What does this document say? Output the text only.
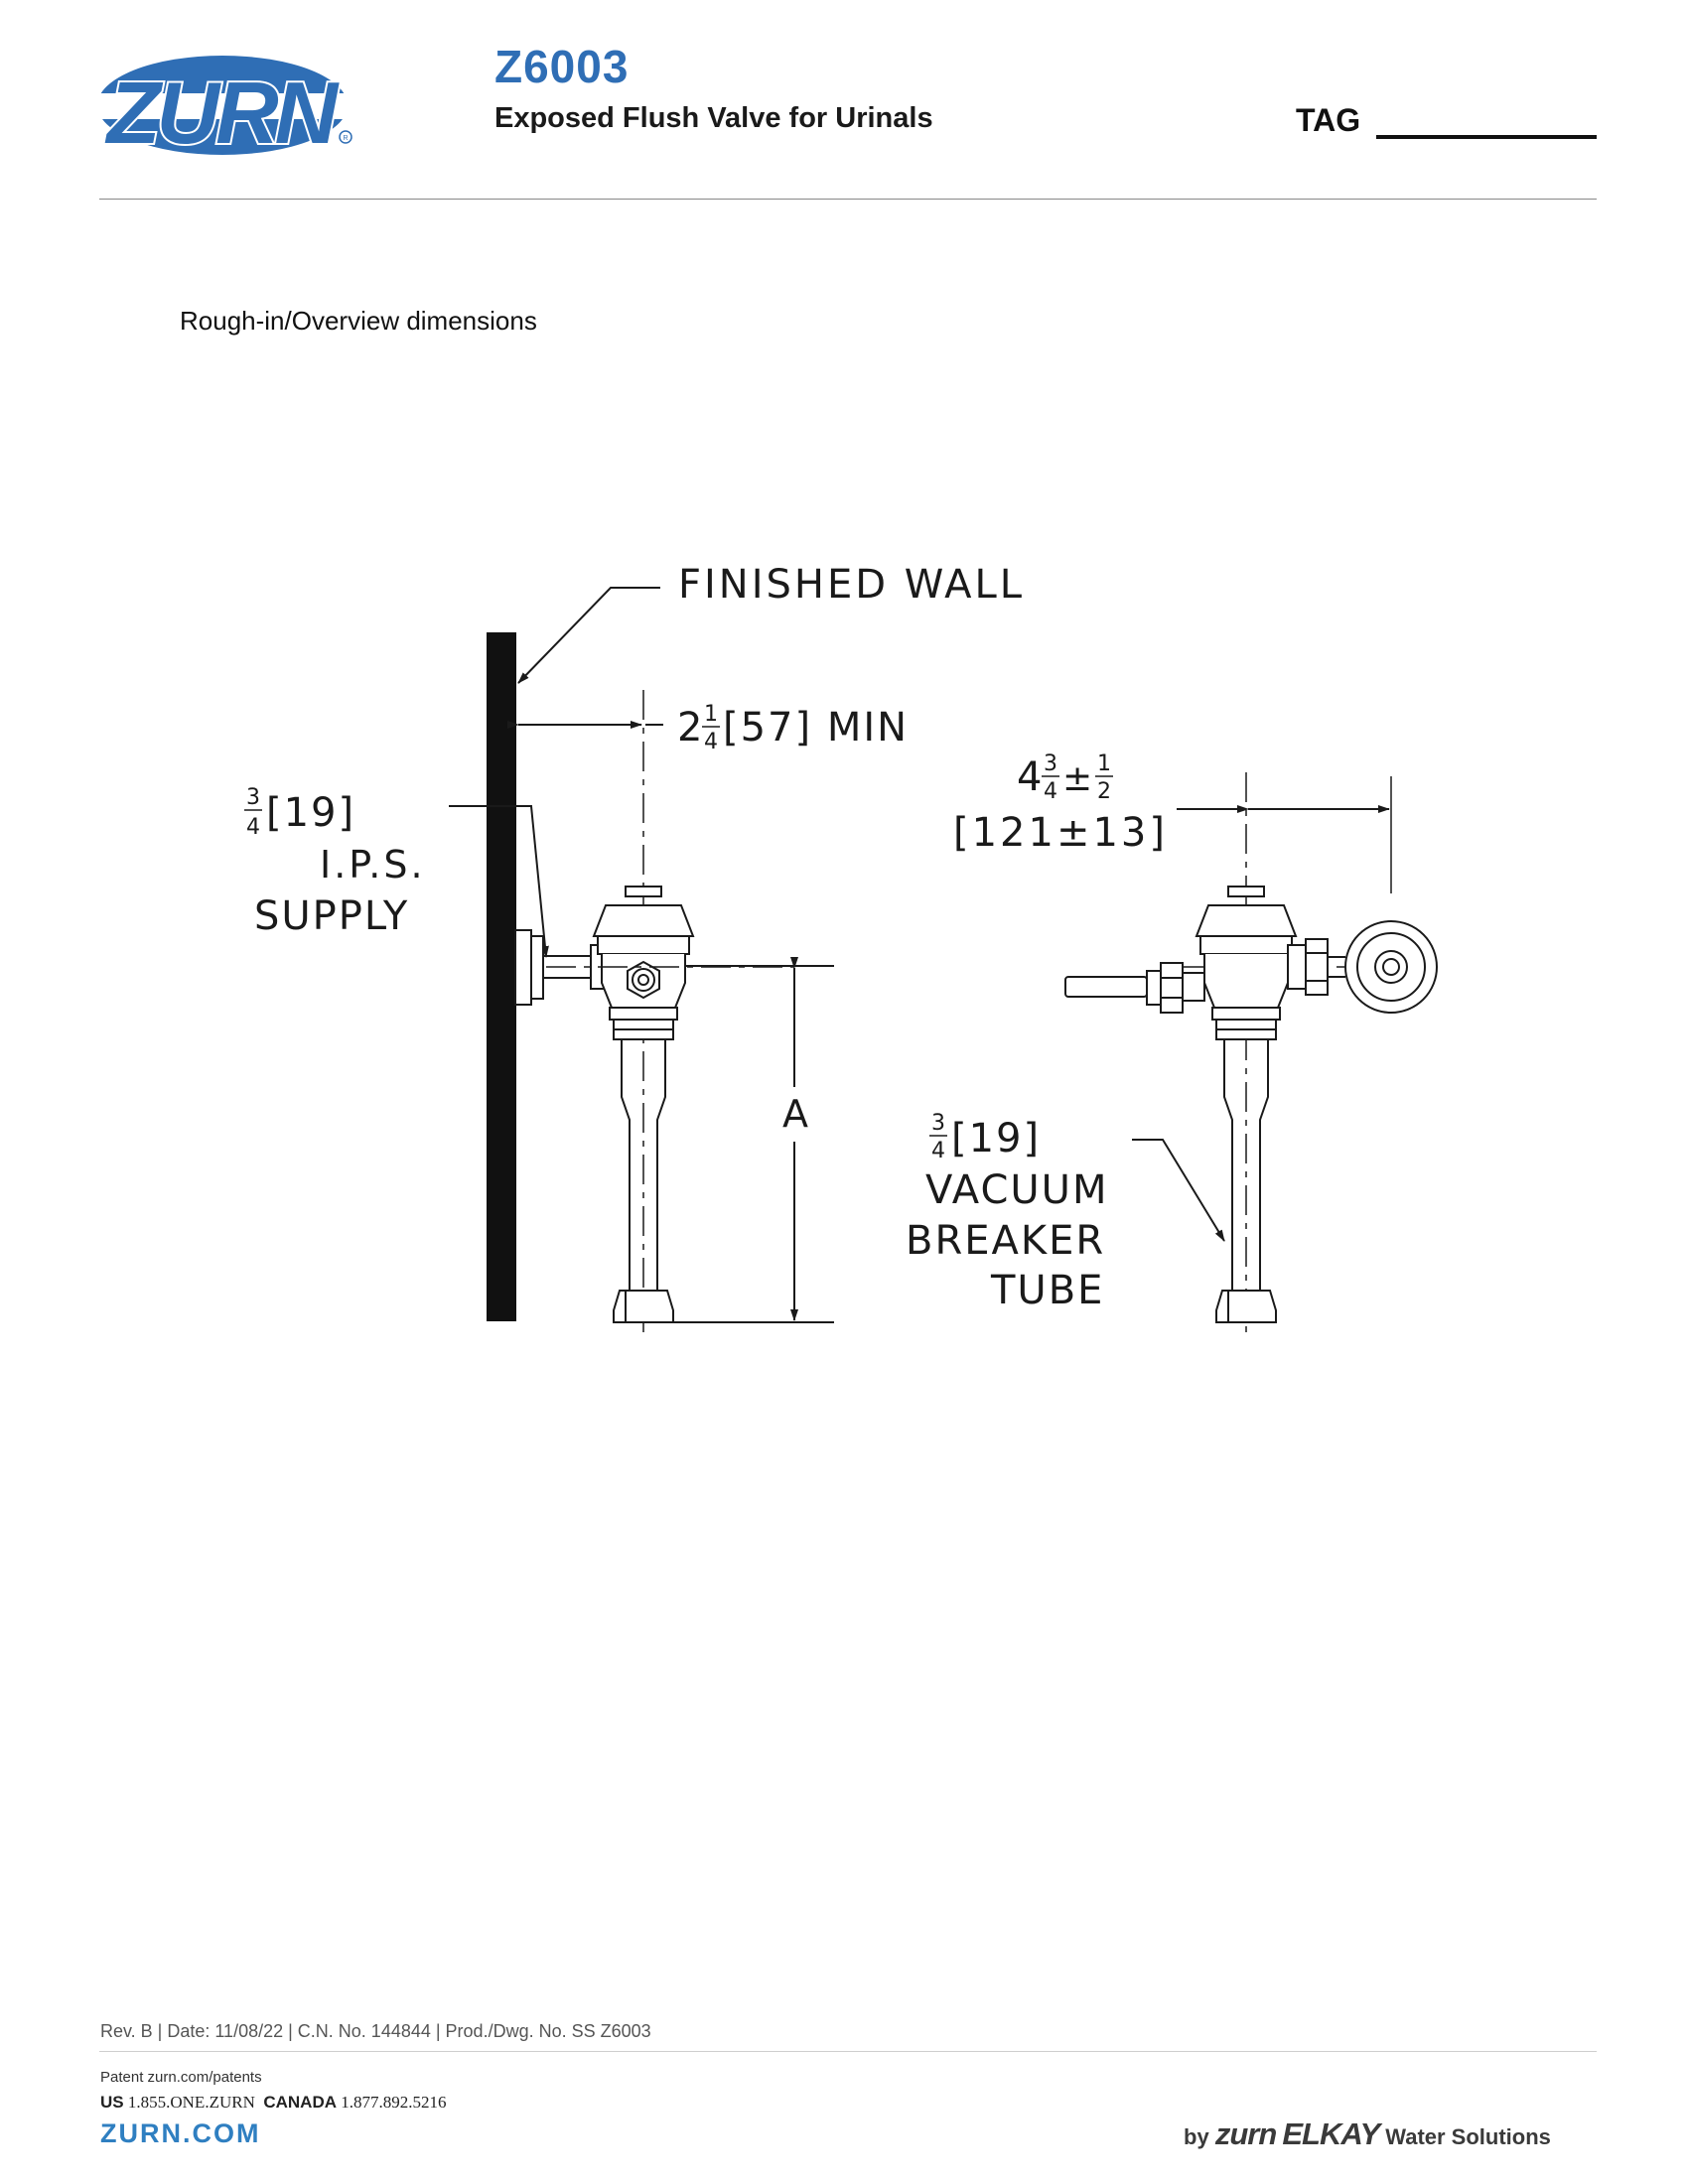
ZURN	R
Z6003
Exposed Flush Valve for Urinals	TAG
Rough-in/Overview dimensions
FINISHED WALL
2 1
4 [57] MIN
3
4 [19]
I.P.S.
SUPPLY
A
4 3
4 ± 1
2
[121±13]
3
4 [19]
VACUUM
BREAKER
TUBE
Rev. B | Date: 11/08/22 | C.N. No. 144844 | Prod./Dwg. No. SS Z6003
Patent zurn.com/patents
US 1.855.ONE.ZURN CANADA 1.877.892.5216
ZURN.COM	by zurn ELKAY Water Solutions
